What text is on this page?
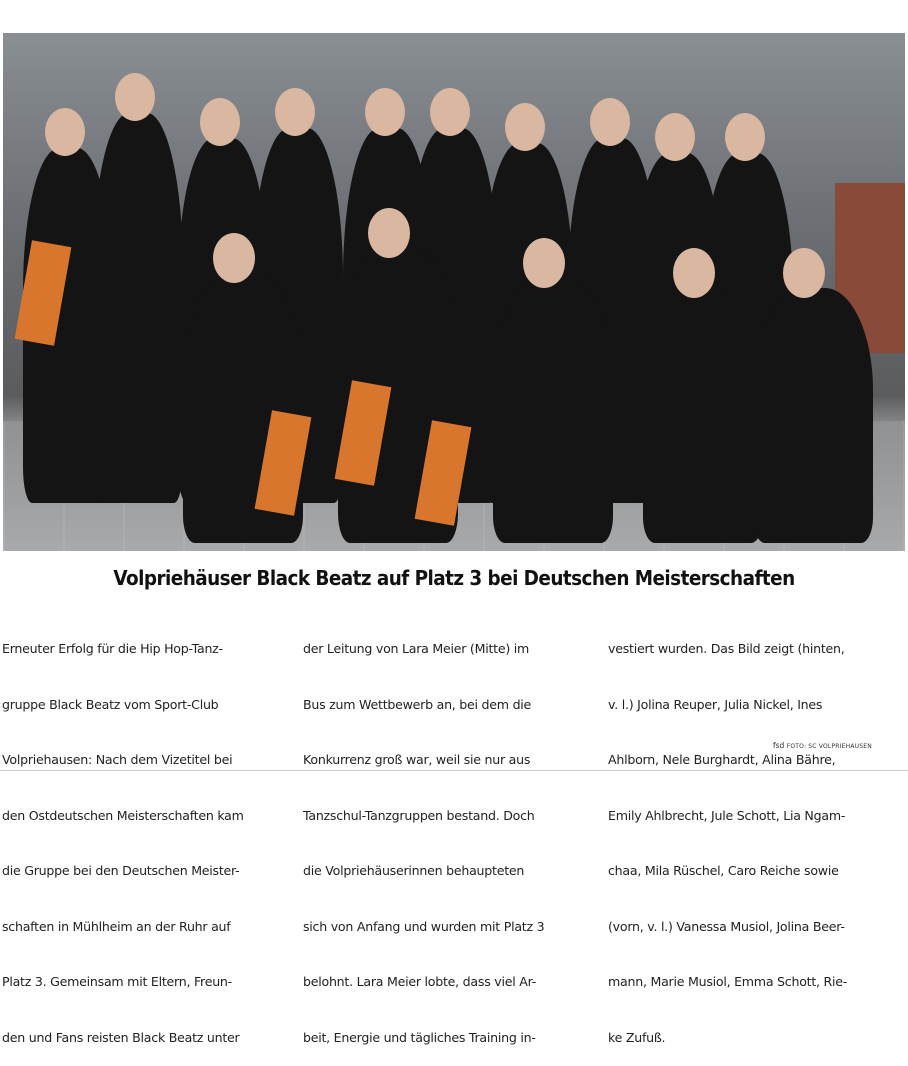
Volpriehäuser Black Beatz auf Platz 3 bei Deutschen Meisterschaften

Erneuter Erfolg für die Hip Hop-Tanz-

gruppe Black Beatz vom Sport-Club

Volpriehausen: Nach dem Vizetitel bei

den Ostdeutschen Meisterschaften kam

die Gruppe bei den Deutschen Meister-

schaften in Mühlheim an der Ruhr auf

Platz 3. Gemeinsam mit Eltern, Freun-

den und Fans reisten Black Beatz unter

der Leitung von Lara Meier (Mitte) im

Bus zum Wettbewerb an, bei dem die

Konkurrenz groß war, weil sie nur aus

Tanzschul-Tanzgruppen bestand. Doch

die Volpriehäuserinnen behaupteten

sich von Anfang und wurden mit Platz 3

belohnt. Lara Meier lobte, dass viel Ar-

beit, Energie und tägliches Training in-

vestiert wurden. Das Bild zeigt (hinten,

v. l.) Jolina Reuper, Julia Nickel, Ines

Ahlborn, Nele Burghardt, Alina Bähre,

Emily Ahlbrecht, Jule Schott, Lia Ngam-

chaa, Mila Rüschel, Caro Reiche sowie

(vorn, v. l.) Vanessa Musiol, Jolina Beer-

mann, Marie Musiol, Emma Schott, Rie-

ke Zufuß.

fsd FOTO: SC VOLPRIEHAUSEN
